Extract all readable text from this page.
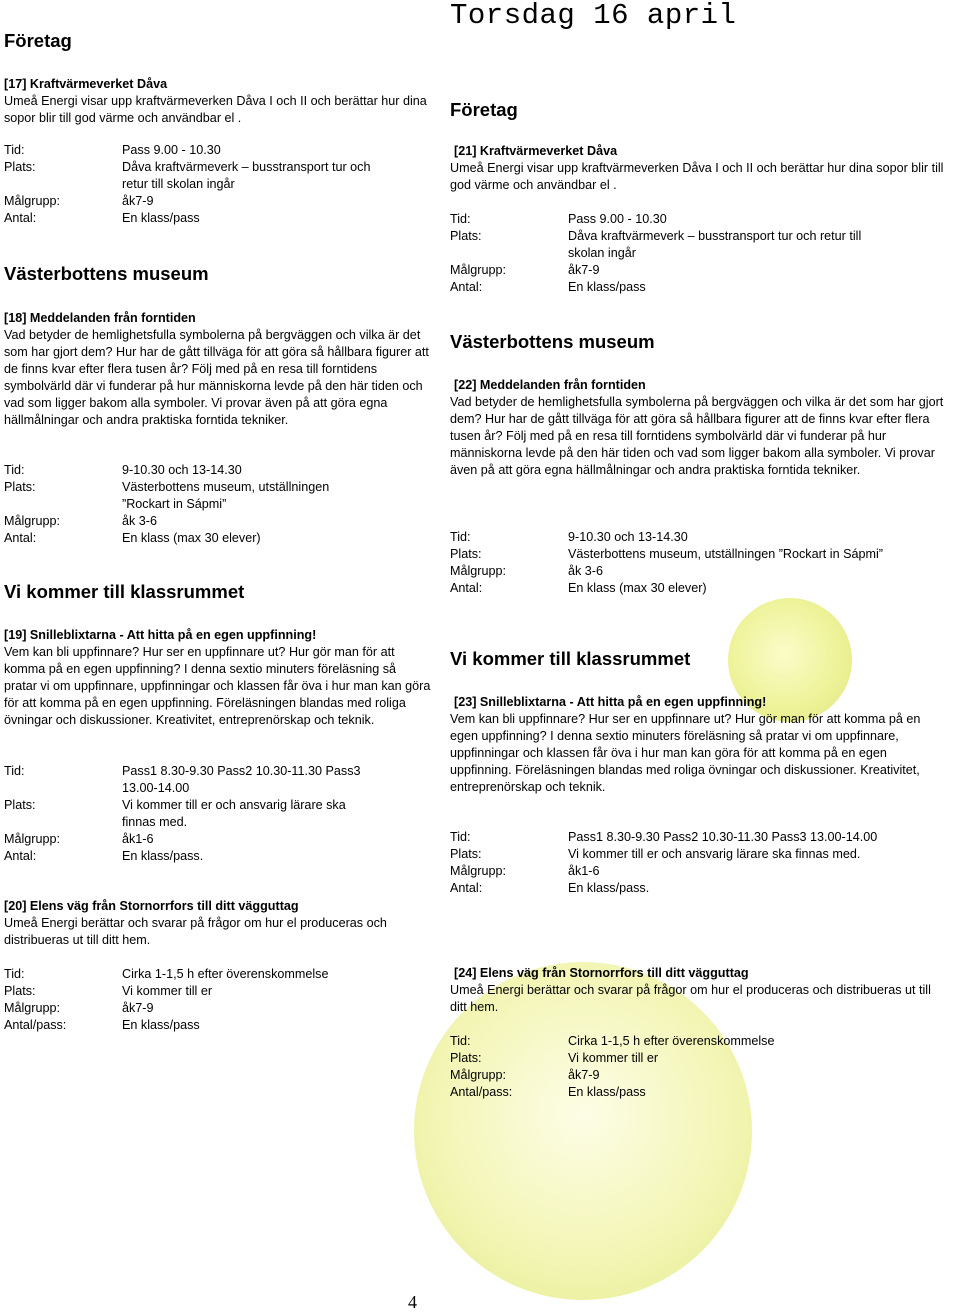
Torsdag 16 april
Företag
[17] Kraftvärmeverket Dåva

Umeå Energi visar upp kraftvärmeverken Dåva I och II och berättar hur dina sopor blir till god värme och användbar el .

Tid:	Pass 9.00 - 10.30
Plats:	Dåva kraftvärmeverk – busstransport tur och retur till skolan ingår
Målgrupp:	åk7-9
Antal:	En klass/pass
Västerbottens museum
[18] Meddelanden från forntiden

Vad betyder de hemlighetsfulla symbolerna på bergväggen och vilka är det som har gjort dem? Hur har de gått tillväga för att göra så hållbara figurer att de finns kvar efter flera tusen år? Följ med på en resa till forntidens symbolvärld där vi funderar på hur människorna levde på den här tiden och vad som ligger bakom alla symboler. Vi provar även på att göra egna hällmålningar och andra praktiska forntida tekniker.

Tid:	9-10.30 och 13-14.30
Plats:	Västerbottens museum, utställningen ”Rockart in Sápmi”
Målgrupp:	åk 3-6
Antal:	En klass (max 30 elever)
Vi kommer till klassrummet
[19] Snilleblixtarna - Att hitta på en egen uppfinning!

Vem kan bli uppfinnare? Hur ser en uppfinnare ut? Hur gör man för att komma på en egen uppfinning? I denna sextio minuters föreläsning så pratar vi om uppfinnare, uppfinningar och klassen får öva i hur man kan göra för att komma på en egen uppfinning. Föreläsningen blandas med roliga övningar och diskussioner. Kreativitet, entreprenörskap och teknik.

Tid:	Pass1 8.30-9.30 Pass2 10.30-11.30 Pass3 13.00-14.00
Plats:	Vi kommer till er och ansvarig lärare ska finnas med.
Målgrupp:	åk1-6
Antal:	En klass/pass.
[20] Elens väg från Stornorrfors till ditt vägguttag

Umeå Energi berättar och svarar på frågor om hur el produceras och distribueras ut till ditt hem.

Tid:	Cirka 1-1,5 h efter överenskommelse
Plats:	Vi kommer till er
Målgrupp:	åk7-9
Antal/pass:	En klass/pass
Företag
[21] Kraftvärmeverket Dåva

Umeå Energi visar upp kraftvärmeverken Dåva I och II och berättar hur dina sopor blir till god värme och användbar el .

Tid:	Pass 9.00 - 10.30
Plats:	Dåva kraftvärmeverk – busstransport tur och retur till skolan ingår
Målgrupp:	åk7-9
Antal:	En klass/pass
Västerbottens museum
[22] Meddelanden från forntiden

Vad betyder de hemlighetsfulla symbolerna på bergväggen och vilka är det som har gjort dem? Hur har de gått tillväga för att göra så hållbara figurer att de finns kvar efter flera tusen år? Följ med på en resa till forntidens symbolvärld där vi funderar på hur människorna levde på den här tiden och vad som ligger bakom alla symboler. Vi provar även på att göra egna hällmålningar och andra praktiska forntida tekniker.

Tid:	9-10.30 och 13-14.30
Plats:	Västerbottens museum, utställningen ”Rockart in Sápmi”
Målgrupp:	åk 3-6
Antal:	En klass (max 30 elever)
Vi kommer till klassrummet
[23] Snilleblixtarna - Att hitta på en egen uppfinning!

Vem kan bli uppfinnare? Hur ser en uppfinnare ut? Hur gör man för att komma på en egen uppfinning? I denna sextio minuters föreläsning så pratar vi om uppfinnare, uppfinningar och klassen får öva i hur man kan göra för att komma på en egen uppfinning. Föreläsningen blandas med roliga övningar och diskussioner. Kreativitet, entreprenörskap och teknik.

Tid:	Pass1 8.30-9.30 Pass2 10.30-11.30 Pass3 13.00-14.00
Plats:	Vi kommer till er och ansvarig lärare ska finnas med.
Målgrupp:	åk1-6
Antal:	En klass/pass.
[24] Elens väg från Stornorrfors till ditt vägguttag

Umeå Energi berättar och svarar på frågor om hur el produceras och distribueras ut till ditt hem.

Tid:	Cirka 1-1,5 h efter överenskommelse
Plats:	Vi kommer till er
Målgrupp:	åk7-9
Antal/pass:	En klass/pass
4
